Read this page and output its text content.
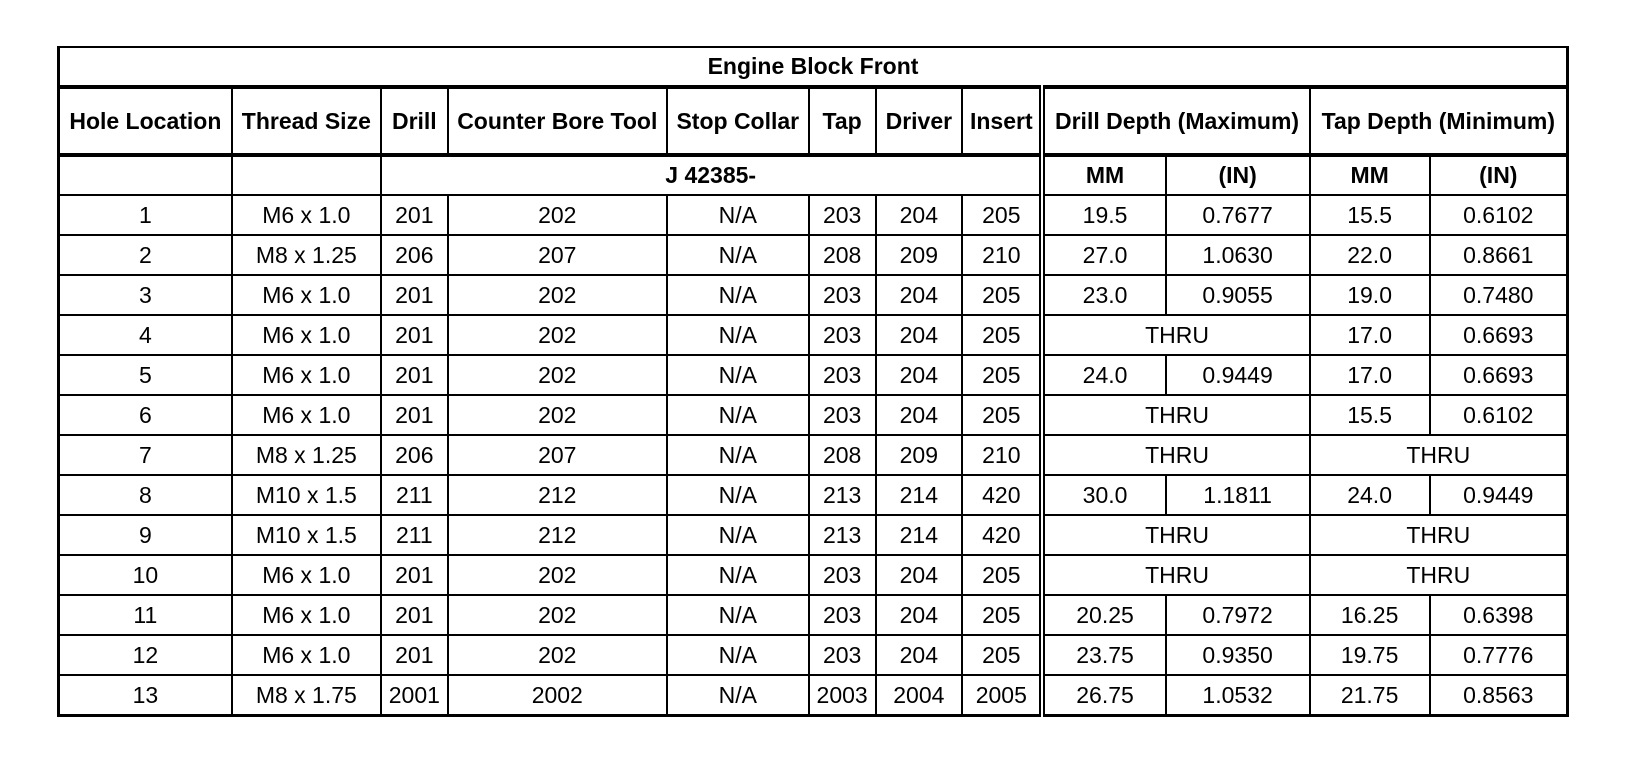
Engine Block Front											
Hole Location	Thread Size	Drill	Counter Bore Tool	Stop Collar	Tap	Driver	Insert	Drill Depth (Maximum)		Tap Depth (Minimum)	
		J 42385-						MM	(IN)	MM	(IN)
1	M6 x 1.0	201	202	N/A	203	204	205	19.5	0.7677	15.5	0.6102
2	M8 x 1.25	206	207	N/A	208	209	210	27.0	1.0630	22.0	0.8661
3	M6 x 1.0	201	202	N/A	203	204	205	23.0	0.9055	19.0	0.7480
4	M6 x 1.0	201	202	N/A	203	204	205	THRU		17.0	0.6693
5	M6 x 1.0	201	202	N/A	203	204	205	24.0	0.9449	17.0	0.6693
6	M6 x 1.0	201	202	N/A	203	204	205	THRU		15.5	0.6102
7	M8 x 1.25	206	207	N/A	208	209	210	THRU		THRU	
8	M10 x 1.5	211	212	N/A	213	214	420	30.0	1.1811	24.0	0.9449
9	M10 x 1.5	211	212	N/A	213	214	420	THRU		THRU	
10	M6 x 1.0	201	202	N/A	203	204	205	THRU		THRU	
11	M6 x 1.0	201	202	N/A	203	204	205	20.25	0.7972	16.25	0.6398
12	M6 x 1.0	201	202	N/A	203	204	205	23.75	0.9350	19.75	0.7776
13	M8 x 1.75	2001	2002	N/A	2003	2004	2005	26.75	1.0532	21.75	0.8563
